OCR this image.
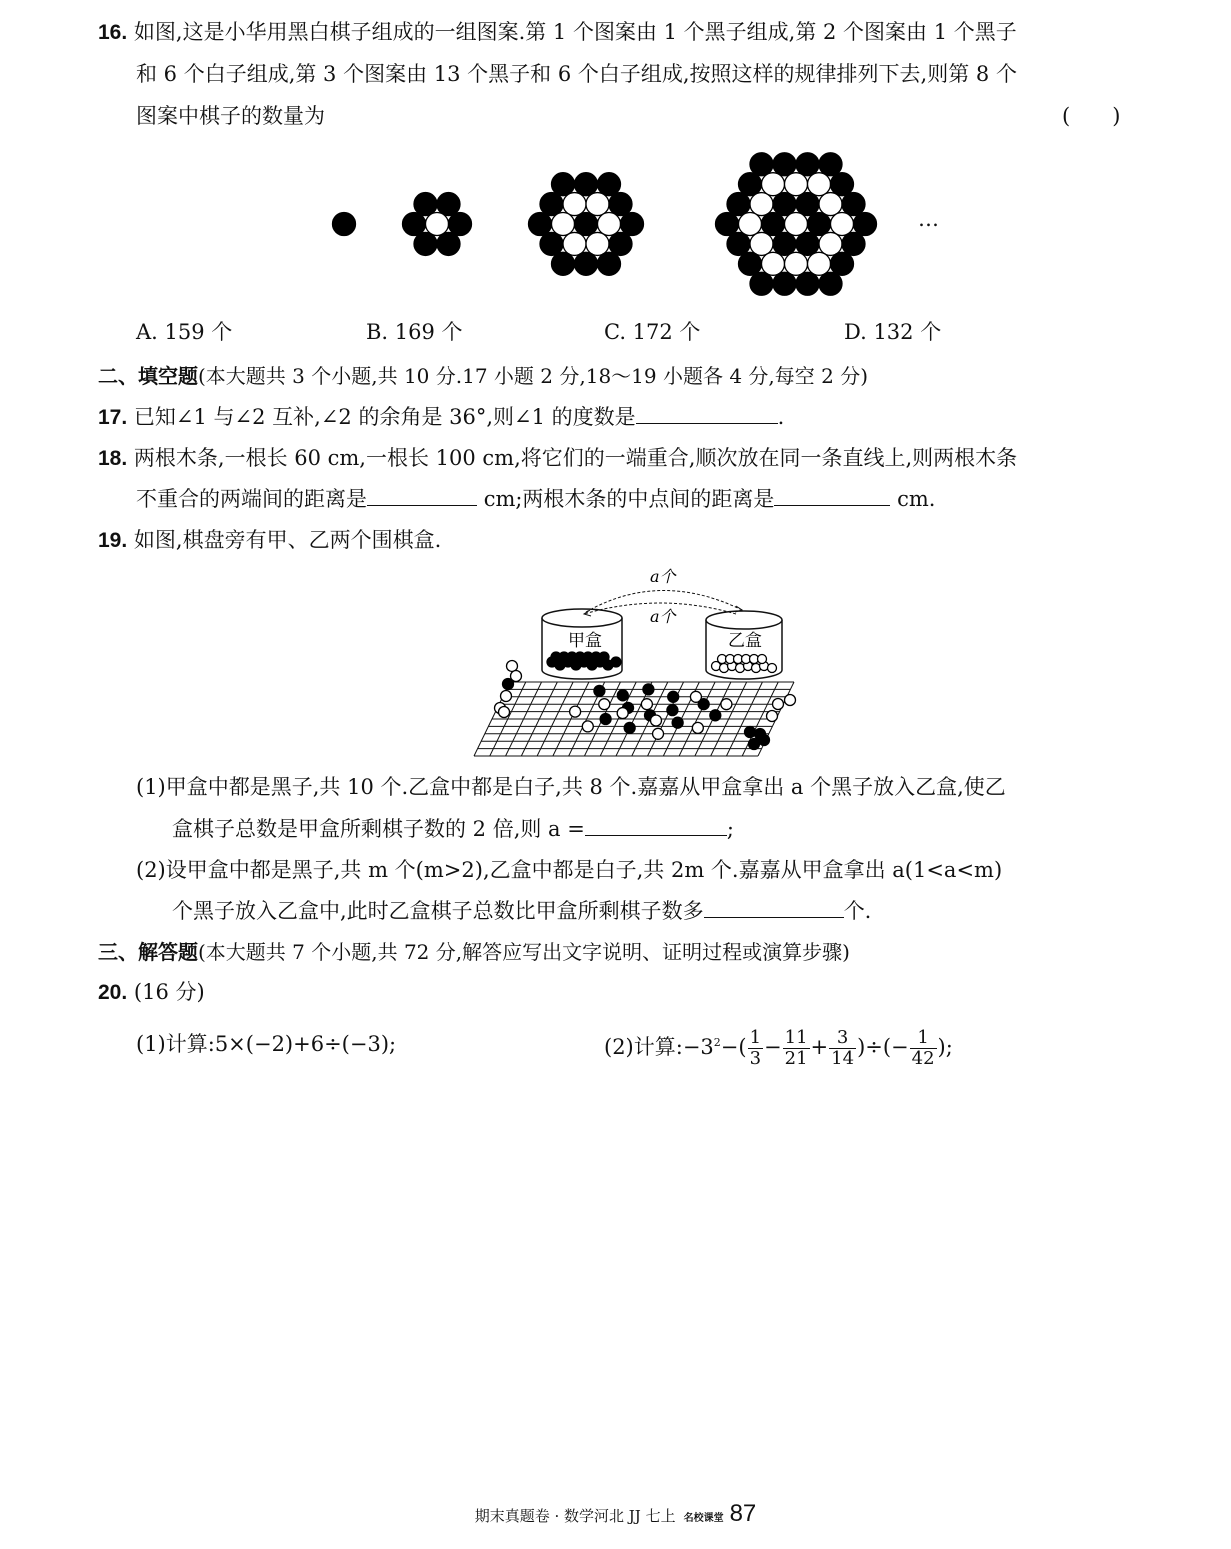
16. 如图,这是小华用黑白棋子组成的一组图案.第 1 个图案由 1 个黑子组成,第 2 个图案由 1 个黑子
和 6 个白子组成,第 3 个图案由 13 个黑子和 6 个白子组成,按照这样的规律排列下去,则第 8 个
图案中棋子的数量为	(　　)
…
A. 159 个	B. 169 个	C. 172 个	D. 132 个
二、填空题(本大题共 3 个小题,共 10 分.17 小题 2 分,18～19 小题各 4 分,每空 2 分)
17. 已知∠1 与∠2 互补,∠2 的余角是 36°,则∠1 的度数是	.
18. 两根木条,一根长 60 cm,一根长 100 cm,将它们的一端重合,顺次放在同一条直线上,则两根木条
不重合的两端间的距离是	cm;两根木条的中点间的距离是	cm.
19. 如图,棋盘旁有甲、乙两个围棋盒.
甲盒	乙盒
a个
a个
(1)甲盒中都是黑子,共 10 个.乙盒中都是白子,共 8 个.嘉嘉从甲盒拿出 a 个黑子放入乙盒,使乙
盒棋子总数是甲盒所剩棋子数的 2 倍,则 a =	;
(2)设甲盒中都是黑子,共 m 个(m>2),乙盒中都是白子,共 2m 个.嘉嘉从甲盒拿出 a(1<a<m)
个黑子放入乙盒中,此时乙盒棋子总数比甲盒所剩棋子数多	个.
三、解答题(本大题共 7 个小题,共 72 分,解答应写出文字说明、证明过程或演算步骤)
20. (16 分)
(1)计算:5×(−2)+6÷(−3);	(2)计算$:-3^2-( \frac{1}{3} - \frac{11}{21} + \frac{3}{14}$ )÷(− $\frac{1}{42}$ );
期末真题卷 · 数学河北 JJ 七上 名校课堂 87
